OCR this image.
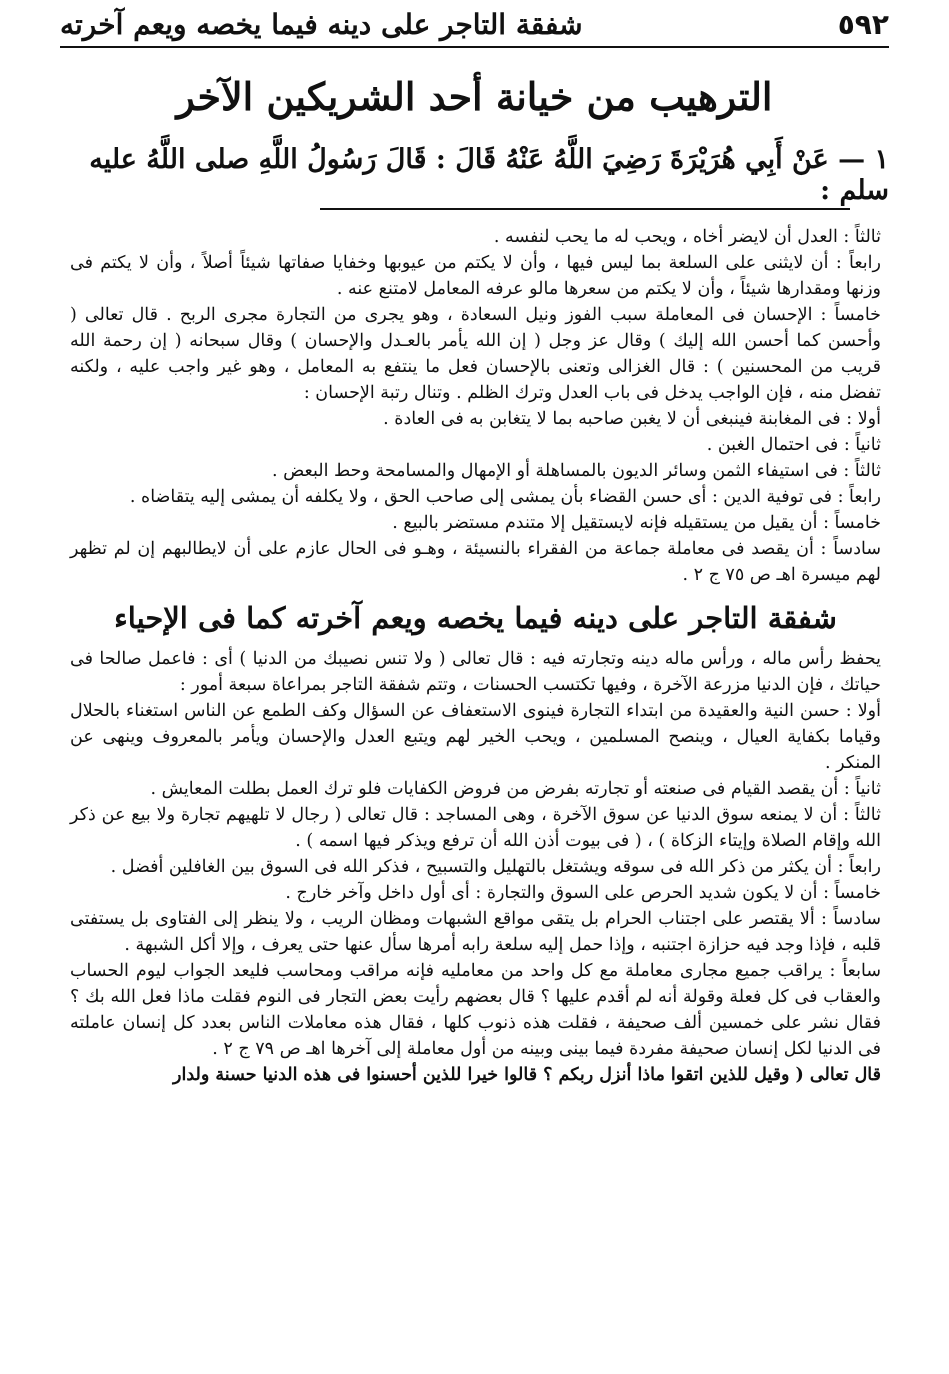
٥٩٢
شفقة التاجر على دينه فيما يخصه ويعم آخرته
الترهيب من خيانة أحد الشريكين الآخر
١ — عَنْ أَبِي هُرَيْرَةَ رَضِيَ اللَّهُ عَنْهُ قَالَ : قَالَ رَسُولُ اللَّهِ صلى اللَّهُ عليه سلم :

ثالثاً : العدل أن لايضر أخاه ، ويحب له ما يحب لنفسه .

رابعاً : أن لايثنى على السلعة بما ليس فيها ، وأن لا يكتم من عيوبها وخفايا صفاتها شيئاً أصلاً ، وأن لا يكتم فى وزنها ومقدارها شيئاً ، وأن لا يكتم من سعرها مالو عرفه المعامل لامتنع عنه .

خامساً : الإحسان فى المعاملة سبب الفوز ونيل السعادة ، وهو يجرى من التجارة مجرى الربح . قال تعالى ( وأحسن كما أحسن الله إليك ) وقال عز وجل ( إن الله يأمر بالعـدل والإحسان ) وقال سبحانه ( إن رحمة الله قريب من المحسنين ) : قال الغزالى وتعنى بالإحسان فعل ما ينتفع به المعامل ، وهو غير واجب عليه ، ولكنه تفضل منه ، فإن الواجب يدخل فى باب العدل وترك الظلم . وتنال رتبة الإحسان :

أولا : فى المغابنة فينبغى أن لا يغبن صاحبه بما لا يتغابن به فى العادة .

ثانياً : فى احتمال الغبن .

ثالثاً : فى استيفاء الثمن وسائر الديون بالمساهلة أو الإمهال والمسامحة وحط البعض .

رابعاً : فى توفية الدين : أى حسن القضاء بأن يمشى إلى صاحب الحق ، ولا يكلفه أن يمشى إليه يتقاضاه .

خامساً : أن يقيل من يستقيله فإنه لايستقيل إلا متندم مستضر بالبيع .

سادساً : أن يقصد فى معاملة جماعة من الفقراء بالنسيئة ، وهـو فى الحال عازم على أن لايطالبهم إن لم تظهر لهم ميسرة اهـ ص ٧٥ ج ٢ .

شفقة التاجر على دينه فيما يخصه ويعم آخرته كما فى الإحياء

يحفظ رأس ماله ، ورأس ماله دينه وتجارته فيه : قال تعالى ( ولا تنس نصيبك من الدنيا ) أى : فاعمل صالحا فى حياتك ، فإن الدنيا مزرعة الآخرة ، وفيها تكتسب الحسنات ، وتتم شفقة التاجر بمراعاة سبعة أمور :

أولا : حسن النية والعقيدة من ابتداء التجارة فينوى الاستعفاف عن السؤال وكف الطمع عن الناس استغناء بالحلال وقياما بكفاية العيال ، وينصح المسلمين ، ويحب الخير لهم ويتبع العدل والإحسان ويأمر بالمعروف وينهى عن المنكر .

ثانياً : أن يقصد القيام فى صنعته أو تجارته بفرض من فروض الكفايات فلو ترك العمل بطلت المعايش .

ثالثاً : أن لا يمنعه سوق الدنيا عن سوق الآخرة ، وهى المساجد : قال تعالى ( رجال لا تلهيهم تجارة ولا بيع عن ذكر الله وإقام الصلاة وإيتاء الزكاة ) ، ( فى بيوت أذن الله أن ترفع ويذكر فيها اسمه ) .

رابعاً : أن يكثر من ذكر الله فى سوقه ويشتغل بالتهليل والتسبيح ، فذكر الله فى السوق بين الغافلين أفضل .

خامساً : أن لا يكون شديد الحرص على السوق والتجارة : أى أول داخل وآخر خارج .

سادساً : ألا يقتصر على اجتناب الحرام بل يتقى مواقع الشبهات ومظان الريب ، ولا ينظر إلى الفتاوى بل يستفتى قلبه ، فإذا وجد فيه حزازة اجتنبه ، وإذا حمل إليه سلعة رابه أمرها سأل عنها حتى يعرف ، وإلا أكل الشبهة .

سابعاً : يراقب جميع مجارى معاملة مع كل واحد من معامليه فإنه مراقب ومحاسب فليعد الجواب ليوم الحساب والعقاب فى كل فعلة وقولة أنه لم أقدم عليها ؟ قال بعضهم رأيت بعض التجار فى النوم فقلت ماذا فعل الله بك ؟ فقال نشر على خمسين ألف صحيفة ، فقلت هذه ذنوب كلها ، فقال هذه معاملات الناس بعدد كل إنسان عاملته فى الدنيا لكل إنسان صحيفة مفردة فيما بينى وبينه من أول معاملة إلى آخرها اهـ ص ٧٩ ج ٢ .

قال تعالى ( وقيل للذين اتقوا ماذا أنزل ربكم ؟ قالوا خيرا للذين أحسنوا فى هذه الدنيا حسنة ولدار
